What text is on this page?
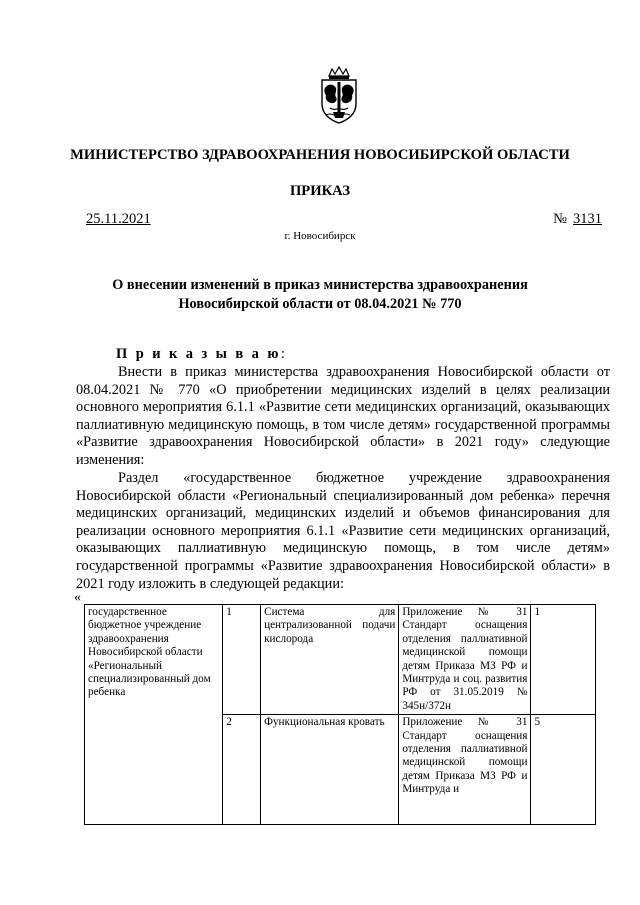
МИНИСТЕРСТВО ЗДРАВООХРАНЕНИЯ НОВОСИБИРСКОЙ ОБЛАСТИ
ПРИКАЗ
25.11.2021	№ 3131
г. Новосибирск
О внесении изменений в приказ министерства здравоохранения
Новосибирской области от 08.04.2021 № 770
П р и к а з ы в а ю:
Внести в приказ министерства здравоохранения Новосибирской области от 08.04.2021 № 770 «О приобретении медицинских изделий в целях реализации основного мероприятия 6.1.1 «Развитие сети медицинских организаций, оказывающих паллиативную медицинскую помощь, в том числе детям» государственной программы «Развитие здравоохранения Новосибирской области» в 2021 году» следующие изменения:
Раздел «государственное бюджетное учреждение здравоохранения Новосибирской области «Региональный специализированный дом ребенка» перечня медицинских организаций, медицинских изделий и объемов финансирования для реализации основного мероприятия 6.1.1 «Развитие сети медицинских организаций, оказывающих паллиативную медицинскую помощь, в том числе детям» государственной программы «Развитие здравоохранения Новосибирской области» в 2021 году изложить в следующей редакции:
«
государственное бюджетное учреждение здравоохранения Новосибирской области «Региональный специализированный дом ребенка	1	Система для централизованной подачи кислорода	Приложение № 31 Стандарт оснащения отделения паллиативной медицинской помощи детям Приказа МЗ РФ и Минтруда и соц. развития РФ от 31.05.2019 № 345н/372н	1
	2	Функциональная кровать	Приложение № 31 Стандарт оснащения отделения паллиативной медицинской помощи детям Приказа МЗ РФ и Минтруда и	5
